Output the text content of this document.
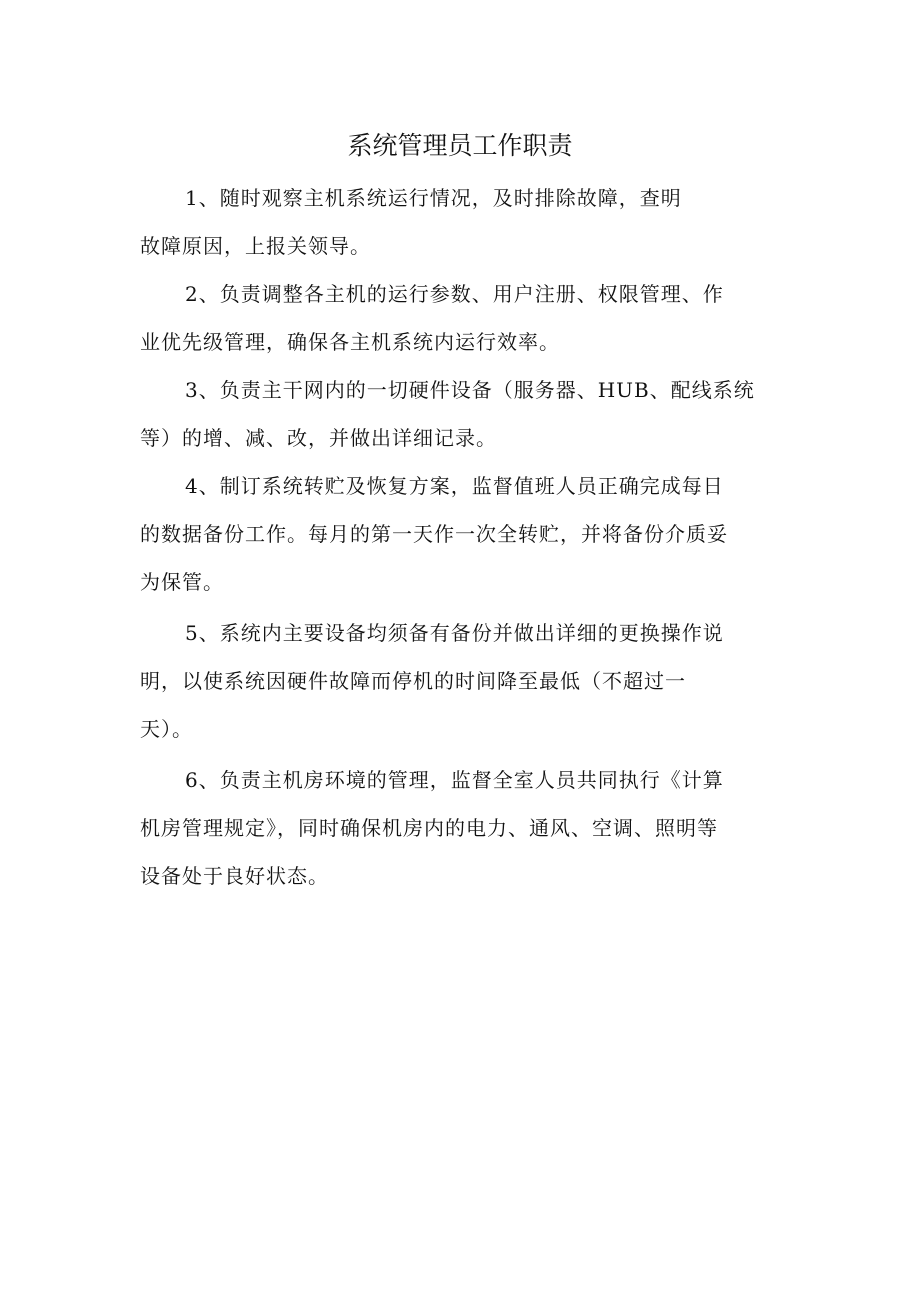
系统管理员工作职责

1、随时观察主机系统运行情况，及时排除故障，查明
故障原因，上报关领导。

2、负责调整各主机的运行参数、用户注册、权限管理、作
业优先级管理，确保各主机系统内运行效率。

3、负责主干网内的一切硬件设备（服务器、HUB、配线系统
等）的增、减、改，并做出详细记录。

4、制订系统转贮及恢复方案，监督值班人员正确完成每日
的数据备份工作。每月的第一天作一次全转贮，并将备份介质妥
为保管。

5、系统内主要设备均须备有备份并做出详细的更换操作说
明，以使系统因硬件故障而停机的时间降至最低（不超过一
天）。

6、负责主机房环境的管理，监督全室人员共同执行《计算
机房管理规定》，同时确保机房内的电力、通风、空调、照明等
设备处于良好状态。
